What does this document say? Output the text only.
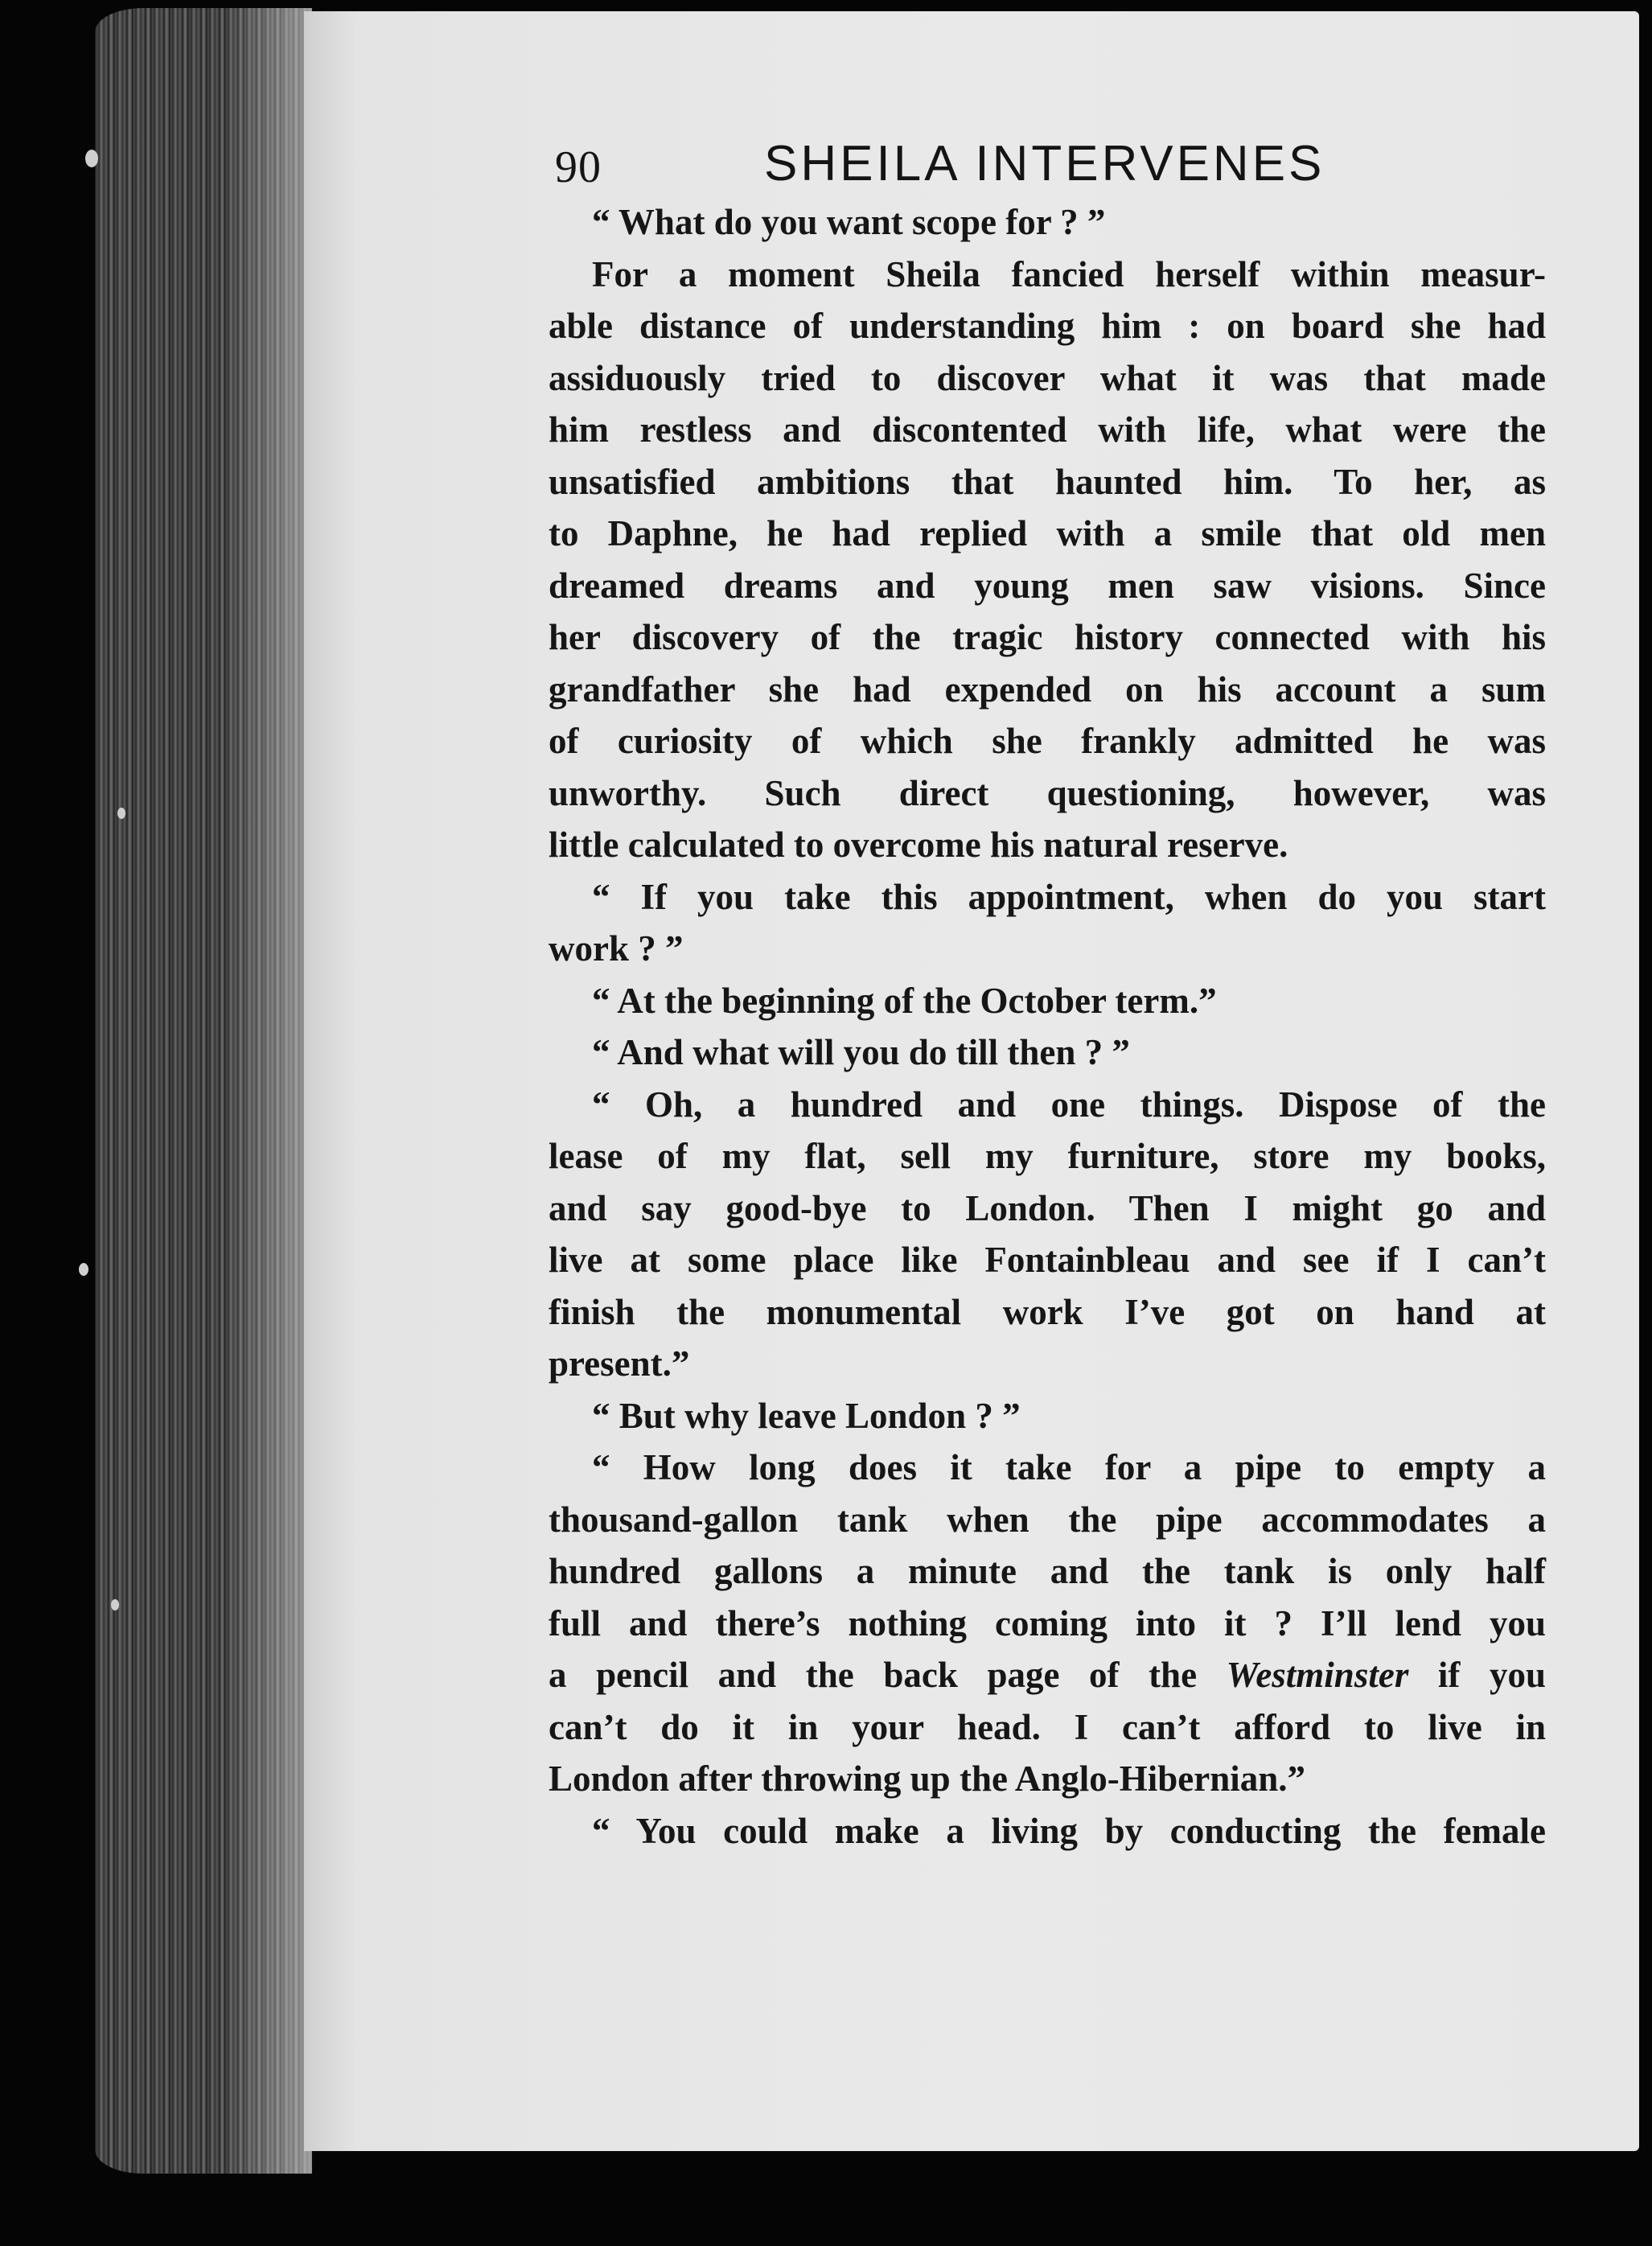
90	SHEILA INTERVENES
“ What do you want scope for ? ”
For a moment Sheila fancied herself within measur-
able distance of understanding him : on board she had
assiduously tried to discover what it was that made
him restless and discontented with life, what were the
unsatisfied ambitions that haunted him. To her, as
to Daphne, he had replied with a smile that old men
dreamed dreams and young men saw visions. Since
her discovery of the tragic history connected with his
grandfather she had expended on his account a sum
of curiosity of which she frankly admitted he was
unworthy. Such direct questioning, however, was
little calculated to overcome his natural reserve.
“ If you take this appointment, when do you start
work ? ”
“ At the beginning of the October term.”
“ And what will you do till then ? ”
“ Oh, a hundred and one things. Dispose of the
lease of my flat, sell my furniture, store my books,
and say good-bye to London. Then I might go and
live at some place like Fontainbleau and see if I can’t
finish the monumental work I’ve got on hand at
present.”
“ But why leave London ? ”
“ How long does it take for a pipe to empty a
thousand-gallon tank when the pipe accommodates a
hundred gallons a minute and the tank is only half
full and there’s nothing coming into it ? I’ll lend you
a pencil and the back page of the Westminster if you
can’t do it in your head. I can’t afford to live in
London after throwing up the Anglo-Hibernian.”
“ You could make a living by conducting the female
